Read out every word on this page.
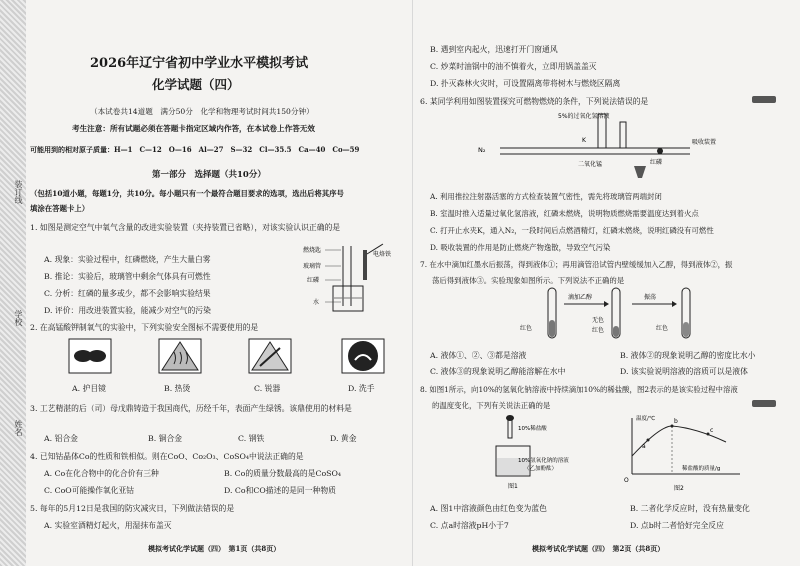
装订线
学校
姓名
2026年辽宁省初中学业水平模拟考试
化学试题（四）
（本试卷共14道题　满分50分　化学和物理考试时间共150分钟）
考生注意：所有试题必须在答题卡指定区域内作答，在本试卷上作答无效
可能用到的相对原子质量：H—1　C—12　O—16　Al—27　S—32　Cl—35.5　Ca—40　Co—59
第一部分　选择题（共10分）
（包括10道小题，每题1分，共10分。每小题只有一个最符合题目要求的选项，选出后将其序号
填涂在答题卡上）
1. 如图是测定空气中氧气含量的改进实验装置（夹持装置已省略），对该实验认识正确的是
A. 现象：实验过程中，红磷燃烧，产生大量白雾
B. 推论：实验后，玻璃管中剩余气体具有可燃性
C. 分析：红磷的量多或少，都不会影响实验结果
D. 评价：用改进装置实验，能减少对空气的污染
燃烧匙
玻璃管
红磷
水
电烙铁
2. 在高锰酸钾制氧气的实验中，下列实验安全图标不需要使用的是
A. 护目镜	B. 热烫	C. 锐器	D. 洗手
3. 工艺精湛的后（司）母戊鼎铸造于我国商代，历经千年，表面产生绿锈。该鼎使用的材料是
A. 铝合金	B. 铜合金	C. 钢铁	D. 黄金
4. 已知钴晶体Co的性质和铁相似。则在CoO、Co₂O₃、CoSO₄中说法正确的是
A. Co在化合物中的化合价有三种	B. Co的质量分数最高的是CoSO₄
C. CoO可能操作氧化亚钴	D. Co和CO描述的是同一种物质
5. 每年的5月12日是我国的防灾减灾日，下列做法错误的是
A. 实验室酒精灯起火，用湿抹布盖灭
模拟考试化学试题（四）　第1页（共8页）
B. 遇到室内起火，迅速打开门窗通风
C. 炒菜时油锅中的油不慎着火，立即用锅盖盖灭
D. 扑灭森林火灾时，可设置隔离带将树木与燃烧区隔离
6. 某同学利用如图装置探究可燃物燃烧的条件，下列说法错误的是
5%的过氧化氢溶液
K
N₂
二氧化锰	红磷
吸收装置
A. 利用推拉注射器活塞的方式检查装置气密性，需先将玻璃管两端封闭
B. 室温时推入适量过氧化氢溶液，红磷未燃烧，说明物质燃烧需要温度达到着火点
C. 打开止水夹K，通入N₂，一段时间后点燃酒精灯，红磷未燃烧，说明红磷没有可燃性
D. 吸收装置的作用是防止燃烧产物逸散，导致空气污染
7. 在水中滴加红墨水后振荡，得到液体①；再用滴管沿试管内壁缓缓加入乙醇，得到液体②，振
荡后得到液体③。实验现象如图所示。下列说法不正确的是
红色
滴加乙醇
无色
红色
振荡
红色
A. 液体①、②、③都是溶液	B. 液体②的现象说明乙醇的密度比水小
C. 液体③的现象说明乙醇能溶解在水中	D. 该实验说明溶液的溶质可以是液体
8. 如图1所示，向10%的氢氧化钠溶液中持续滴加10%的稀盐酸，图2表示的是该实验过程中溶液
的温度变化，下列有关说法正确的是
10%稀盐酸
10%氢氧化钠的溶液
（乙加酚酞）
图1
温度/℃
a
b
c
O
稀盐酸的质量/g
图2
A. 图1中溶液颜色由红色变为蓝色	B. 二者化学反应时，没有热量变化
C. 点a时溶液pH小于7	D. 点b时二者恰好完全反应
模拟考试化学试题（四）　第2页（共8页）
